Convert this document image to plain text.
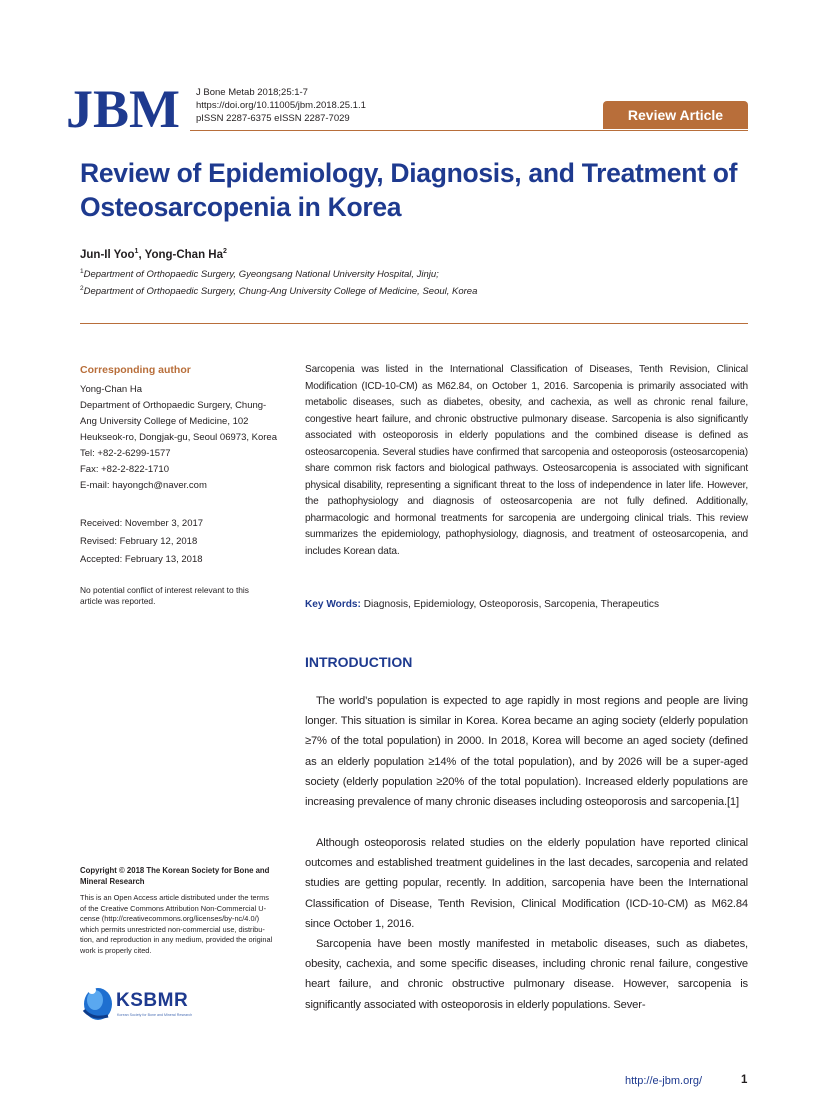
JBM J Bone Metab 2018;25:1-7
https://doi.org/10.11005/jbm.2018.25.1.1
pISSN 2287-6375 eISSN 2287-7029	Review Article
Review of Epidemiology, Diagnosis, and Treatment of Osteosarcopenia in Korea
Jun-Il Yoo$^1$, Yong-Chan Ha$^2$
$^1$Department of Orthopaedic Surgery, Gyeongsang National University Hospital, Jinju;
$^2$Department of Orthopaedic Surgery, Chung-Ang University College of Medicine, Seoul, Korea
Corresponding author
Yong-Chan Ha
Department of Orthopaedic Surgery, Chung-
Ang University College of Medicine, 102
Heukseok-ro, Dongjak-gu, Seoul 06973, Korea
Tel: +82-2-6299-1577
Fax: +82-2-822-1710
E-mail: hayongch@naver.com
Received: November 3, 2017
Revised: February 12, 2018
Accepted: February 13, 2018
No potential conflict of interest relevant to this
article was reported.
Copyright © 2018 The Korean Society for Bone and
Mineral Research
This is an Open Access article distributed under the terms
of the Creative Commons Attribution Non-Commercial U-
cense (http://creativecommons.org/licenses/by-nc/4.0/)
which permits unrestricted non-commercial use, distribu-
tion, and reproduction in any medium, provided the original
work is properly cited.
KSBMR
Korean Society for Bone and Mineral Research
Sarcopenia was listed in the International Classification of Diseases, Tenth Revision, Clinical Modification (ICD-10-CM) as M62.84, on October 1, 2016. Sarcopenia is primarily associated with metabolic diseases, such as diabetes, obesity, and cachexia, as well as chronic renal failure, congestive heart failure, and chronic obstructive pulmonary disease. Sarcopenia is also significantly associated with osteoporosis in elderly populations and the combined disease is defined as osteosarcopenia. Several studies have confirmed that sarcopenia and osteoporosis (osteosarcopenia) share common risk factors and biological pathways. Osteosarcopenia is associated with significant physical disability, representing a significant threat to the loss of independence in later life. However, the pathophysiology and diagnosis of osteosarcopenia are not fully defined. Additionally, pharmacologic and hormonal treatments for sarcopenia are undergoing clinical trials. This review summarizes the epidemiology, pathophysiology, diagnosis, and treatment of osteosarcopenia, and includes Korean data.
Key Words: Diagnosis, Epidemiology, Osteoporosis, Sarcopenia, Therapeutics
INTRODUCTION
The world’s population is expected to age rapidly in most regions and people are living longer. This situation is similar in Korea. Korea became an aging society (elderly population ≥7% of the total population) in 2000. In 2018, Korea will become an aged society (defined as an elderly population ≥14% of the total population), and by 2026 will be a super-aged society (elderly population ≥20% of the total population). Increased elderly populations are increasing prevalence of many chronic diseases including osteoporosis and sarcopenia.[1]
Although osteoporosis related studies on the elderly population have reported clinical outcomes and established treatment guidelines in the last decades, sarcopenia and related studies are getting popular, recently. In addition, sarcopenia have been the International Classification of Disease, Tenth Revision, Clinical Modification (ICD-10-CM) as M62.84 since October 1, 2016.
Sarcopenia have been mostly manifested in metabolic diseases, such as diabetes, obesity, cachexia, and some specific diseases, including chronic renal failure, congestive heart failure, and chronic obstructive pulmonary disease. However, sarcopenia is significantly associated with osteoporosis in elderly populations. Sever-
http://e-jbm.org/	1
